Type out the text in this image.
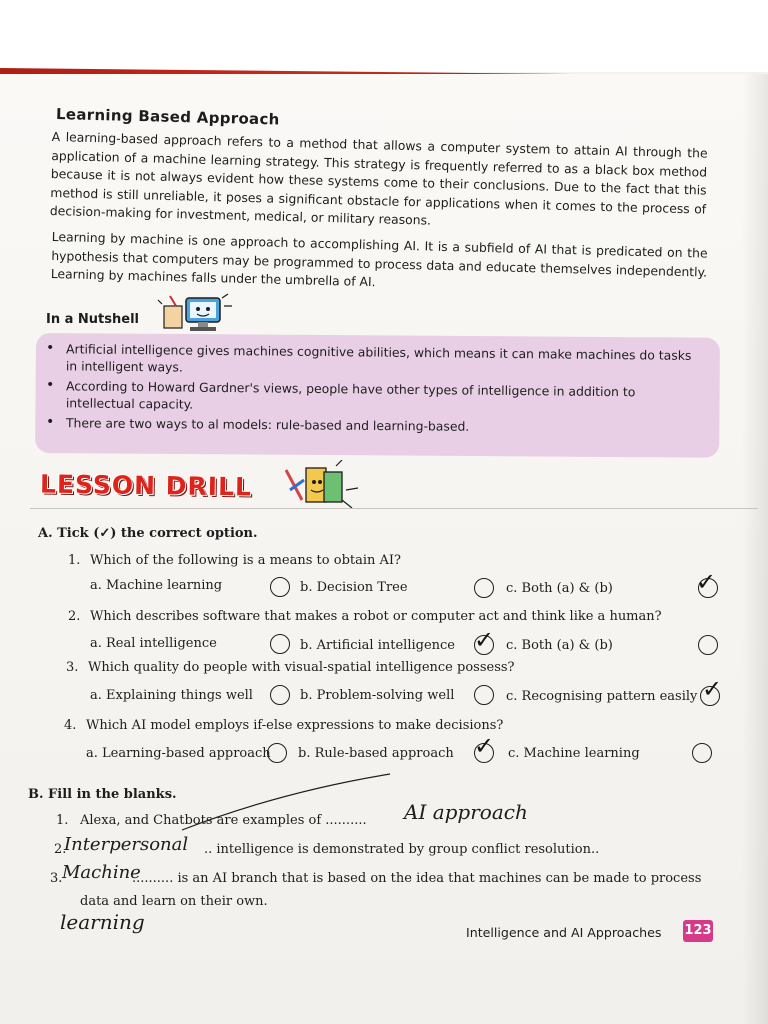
Learning Based Approach
A learning-based approach refers to a method that allows a computer system to attain AI through the application of a machine learning strategy. This strategy is frequently referred to as a black box method because it is not always evident how these systems come to their conclusions. Due to the fact that this method is still unreliable, it poses a significant obstacle for applications when it comes to the process of decision-making for investment, medical, or military reasons.
Learning by machine is one approach to accomplishing AI. It is a subfield of AI that is predicated on the hypothesis that computers may be programmed to process data and educate themselves independently. Learning by machines falls under the umbrella of AI.
In a Nutshell
• Artificial intelligence gives machines cognitive abilities, which means it can make machines do tasks in intelligent ways.
• According to Howard Gardner's views, people have other types of intelligence in addition to intellectual capacity.
• There are two ways to al models: rule-based and learning-based.
LESSON DRILL
A. Tick (✓) the correct option.
1. Which of the following is a means to obtain AI?
a. Machine learning	b. Decision Tree	c. Both (a) & (b)	✓
2. Which describes software that makes a robot or computer act and think like a human?
a. Real intelligence	b. Artificial intelligence ✓ c. Both (a) & (b)
3. Which quality do people with visual-spatial intelligence possess?
a. Explaining things well	b. Problem-solving well	c. Recognising pattern easily ✓
4. Which AI model employs if-else expressions to make decisions?
a. Learning-based approach b. Rule-based approach ✓ c. Machine learning
B. Fill in the blanks.
1. Alexa, and Chatbots are examples of .......... AI approach
2.
Interpersonal .. intelligence is demonstrated by group conflict resolution..
3. Machine
.......... is an AI branch that is based on the idea that machines can be made to process
data and learn on their own.
learning	Intelligence and AI Approaches 123
